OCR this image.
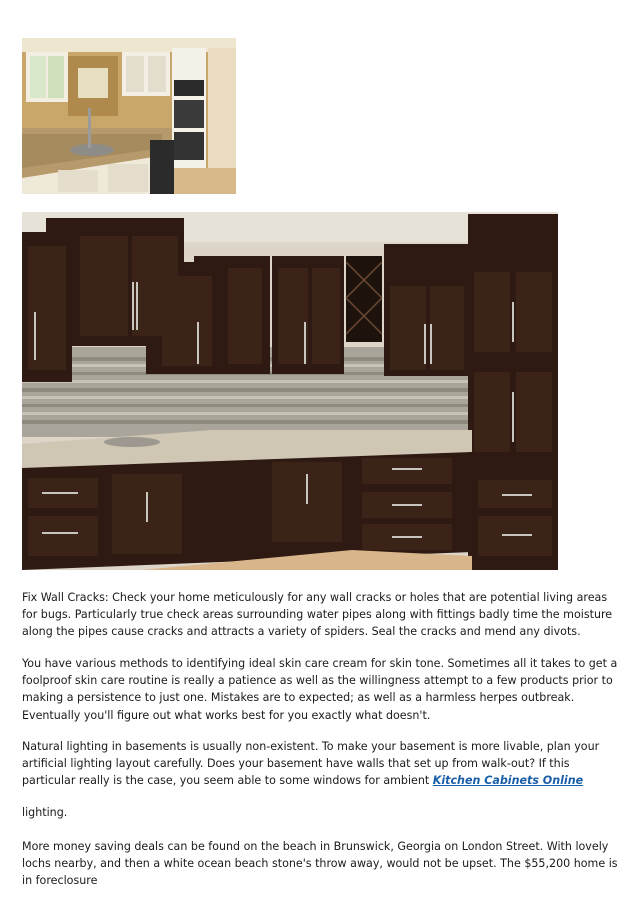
Fix Wall Cracks: Check your home meticulously for any wall cracks or holes that are potential living areas for bugs. Particularly true check areas surrounding water pipes along with fittings badly time the moisture along the pipes cause cracks and attracts a variety of spiders. Seal the cracks and mend any divots.

You have various methods to identifying ideal skin care cream for skin tone. Sometimes all it takes to get a foolproof skin care routine is really a patience as well as the willingness attempt to a few products prior to making a persistence to just one. Mistakes are to expected; as well as a harmless herpes outbreak. Eventually you'll figure out what works best for you exactly what doesn't.

Natural lighting in basements is usually non-existent. To make your basement is more livable, plan your artificial lighting layout carefully. Does your basement have walls that set up from walk-out? If this particular really is the case, you seem able to some windows for ambient Kitchen Cabinets Online

lighting.

More money saving deals can be found on the beach in Brunswick, Georgia on London Street. With lovely lochs nearby, and then a white ocean beach stone's throw away, would not be upset. The $55,200 home is in foreclosure
